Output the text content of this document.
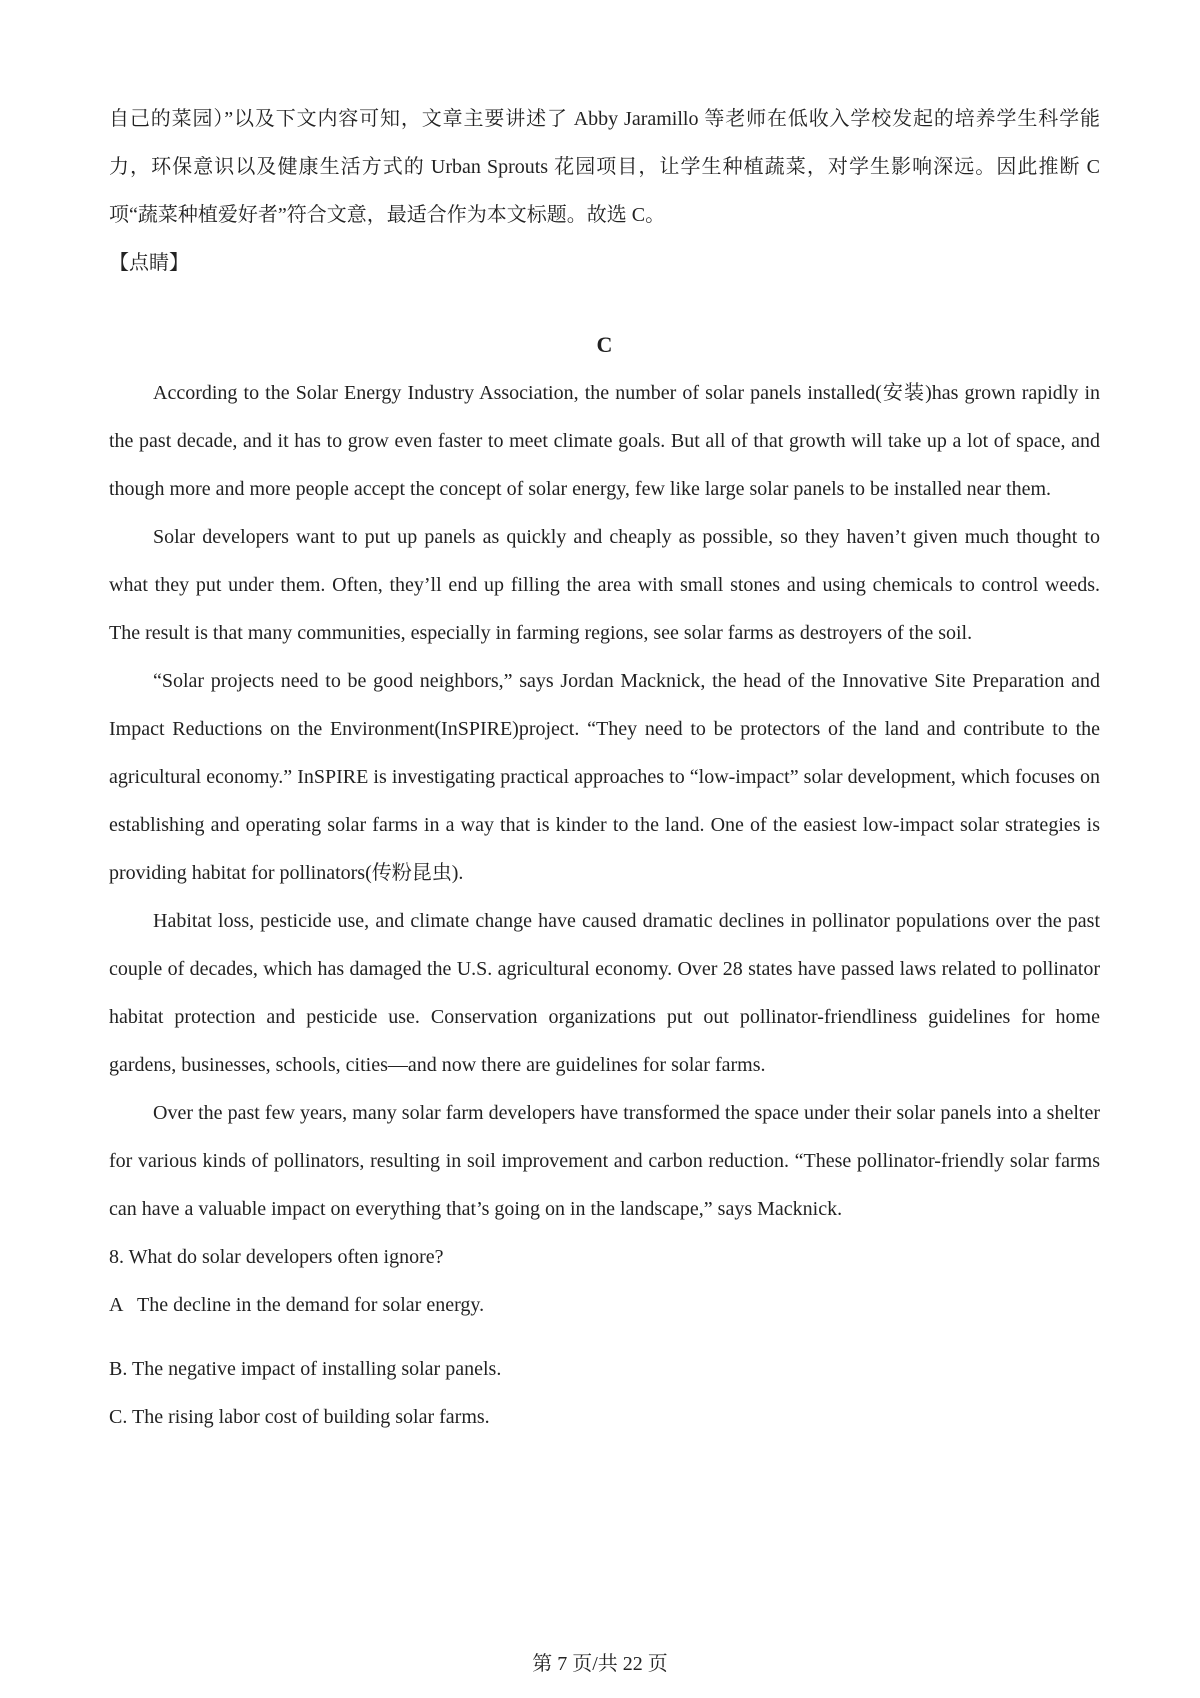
自己的菜园）”以及下文内容可知，文章主要讲述了 Abby Jaramillo 等老师在低收入学校发起的培养学生科学能力，环保意识以及健康生活方式的 Urban Sprouts 花园项目，让学生种植蔬菜，对学生影响深远。因此推断 C 项“蔬菜种植爱好者”符合文意，最适合作为本文标题。故选 C。

【点睛】

C

According to the Solar Energy Industry Association, the number of solar panels installed(安装)has grown rapidly in the past decade, and it has to grow even faster to meet climate goals. But all of that growth will take up a lot of space, and though more and more people accept the concept of solar energy, few like large solar panels to be installed near them.

Solar developers want to put up panels as quickly and cheaply as possible, so they haven’t given much thought to what they put under them. Often, they’ll end up filling the area with small stones and using chemicals to control weeds. The result is that many communities, especially in farming regions, see solar farms as destroyers of the soil.

“Solar projects need to be good neighbors,” says Jordan Macknick, the head of the Innovative Site Preparation and Impact Reductions on the Environment(InSPIRE)project. “They need to be protectors of the land and contribute to the agricultural economy.” InSPIRE is investigating practical approaches to “low-impact” solar development, which focuses on establishing and operating solar farms in a way that is kinder to the land. One of the easiest low-impact solar strategies is providing habitat for pollinators(传粉昆虫).

Habitat loss, pesticide use, and climate change have caused dramatic declines in pollinator populations over the past couple of decades, which has damaged the U.S. agricultural economy. Over 28 states have passed laws related to pollinator habitat protection and pesticide use. Conservation organizations put out pollinator-friendliness guidelines for home gardens, businesses, schools, cities—and now there are guidelines for solar farms.

Over the past few years, many solar farm developers have transformed the space under their solar panels into a shelter for various kinds of pollinators, resulting in soil improvement and carbon reduction. “These pollinator-friendly solar farms can have a valuable impact on everything that’s going on in the landscape,” says Macknick.

8. What do solar developers often ignore?

A   The decline in the demand for solar energy.

B. The negative impact of installing solar panels.

C. The rising labor cost of building solar farms.

第 7 页/共 22 页
